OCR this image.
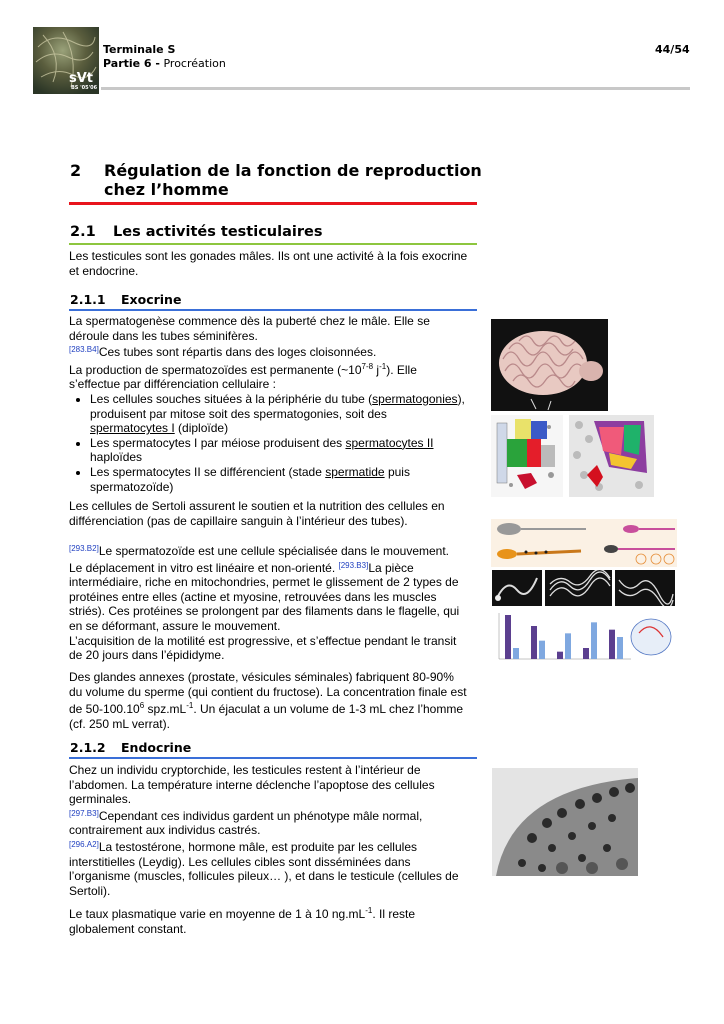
sVt
BS '05'06
Terminale S
Partie 6 - Procréation
44/54
2 Régulation de la fonction de reproduction
chez l’homme
2.1 Les activités testiculaires

Les testicules sont les gonades mâles. Ils ont une activité à la fois exocrine

et endocrine.

2.1.1 Exocrine

La spermatogenèse commence dès la puberté chez le mâle. Elle se

déroule dans les tubes séminifères.

[283.B4]Ces tubes sont répartis dans des loges cloisonnées.

La production de spermatozoïdes est permanente (~10$^{7-8}$ $j^{-1}$). Elle

s’effectue par différenciation cellulaire :

• Les cellules souches situées à la périphérie du tube (spermatogonies),
produisent par mitose soit des spermatogonies, soit des
spermatocytes I (diploïde)
• Les spermatocytes I par méiose produisent des spermatocytes II
haploïdes
• Les spermatocytes II se différencient (stade spermatide puis
spermatozoïde)

Les cellules de Sertoli assurent le soutien et la nutrition des cellules en

différenciation (pas de capillaire sanguin à l’intérieur des tubes).

[293.B2]Le spermatozoïde est une cellule spécialisée dans le mouvement.

Le déplacement in vitro est linéaire et non-orienté. [293.B3]La pièce

intermédiaire, riche en mitochondries, permet le glissement de 2 types de

protéines entre elles (actine et myosine, retrouvées dans les muscles

striés). Ces protéines se prolongent par des filaments dans le flagelle, qui

en se déformant, assure le mouvement.

L’acquisition de la motilité est progressive, et s’effectue pendant le transit

de 20 jours dans l’épididyme.

Des glandes annexes (prostate, vésicules séminales) fabriquent 80-90%

du volume du sperme (qui contient du fructose). La concentration finale est

de 50-100.10$^6$ $spz.mL^{-1}$. Un éjaculat a un volume de 1-3 mL chez l’homme

(cf. 250 mL verrat).

2.1.2 Endocrine

Chez un individu cryptorchide, les testicules restent à l’intérieur de

l’abdomen. La température interne déclenche l’apoptose des cellules

germinales.

[297.B3]Cependant ces individus gardent un phénotype mâle normal,

contrairement aux individus castrés.

[296.A2]La testostérone, hormone mâle, est produite par les cellules

interstitielles (Leydig). Les cellules cibles sont disséminées dans

l’organisme (muscles, follicules pileux… ), et dans le testicule (cellules de

Sertoli).

Le taux plasmatique varie en moyenne de 1 à 10 $ng.mL^{-1}$. Il reste

globalement constant.
